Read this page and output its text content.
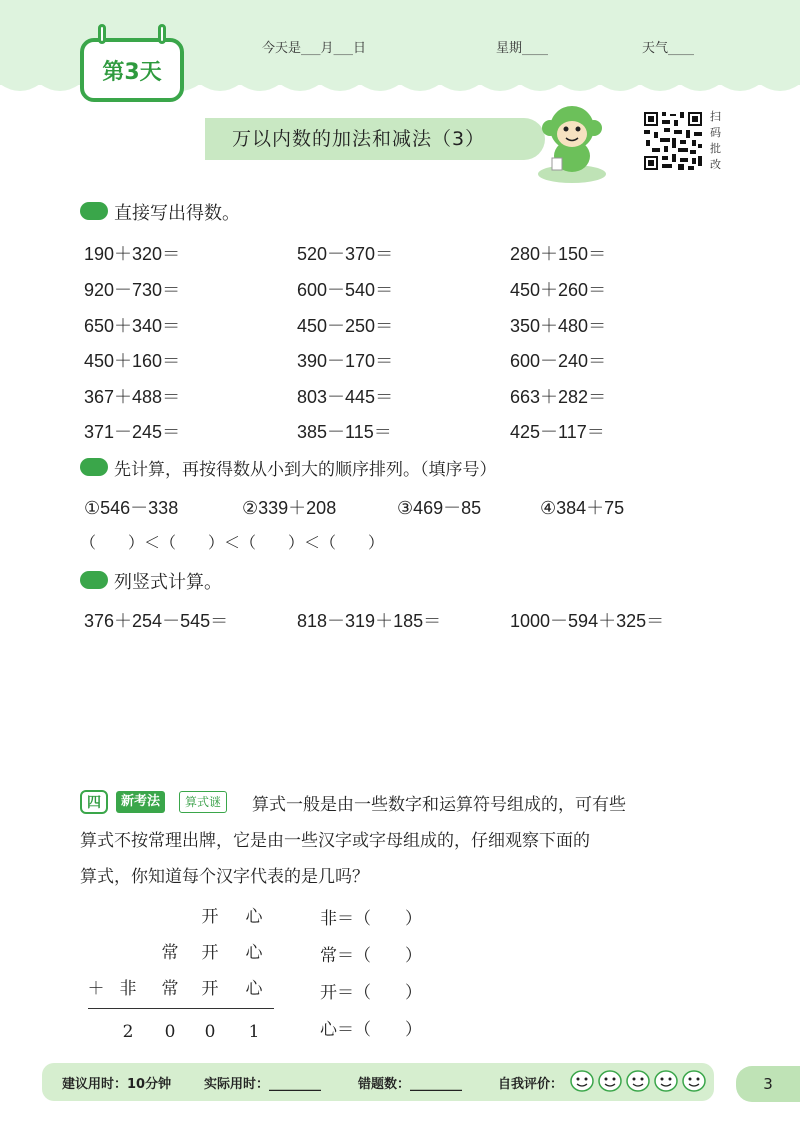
第3天
今天是___月___日	星期____	天气____
万以内数的加法和减法（3）
扫
码
批
改
直接写出得数。
190＋320＝	520－370＝	280＋150＝
920－730＝	600－540＝	450＋260＝
650＋340＝	450－250＝	350＋480＝
450＋160＝	390－170＝	600－240＝
367＋488＝	803－445＝	663＋282＝
371－245＝	385－115＝	425－117＝
先计算，再按得数从小到大的顺序排列。（填序号）
①546－338	②339＋208	③469－85	④384＋75
（　　）＜（　　）＜（　　）＜（　　）
列竖式计算。
376＋254－545＝	818－319＋185＝	1000－594＋325＝
四	新考法	算式谜	算式一般是由一些数字和运算符号组成的，可有些
算式不按常理出牌，它是由一些汉字或字母组成的，仔细观察下面的
算式，你知道每个汉字代表的是几吗？
开 心
常 开 心
＋ 非 常 开 心
2	0	0	1
非＝（　　）
常＝（　　）
开＝（　　）
心＝（　　）
建议用时：10分钟	实际用时：________	错题数：________	自我评价：	3
